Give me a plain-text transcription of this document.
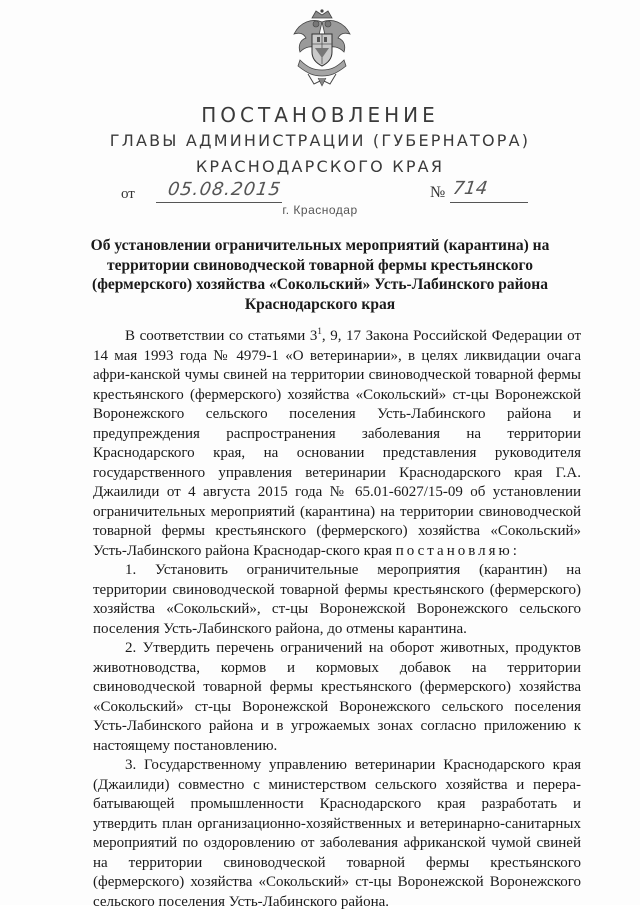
ПОСТАНОВЛЕНИЕ
ГЛАВЫ АДМИНИСТРАЦИИ (ГУБЕРНАТОРА)
КРАСНОДАРСКОГО КРАЯ
от 05.08.2015	№ 714
г. Краснодар
Об установлении ограничительных мероприятий (карантина) на территории свиноводческой товарной фермы крестьянского (фермерского) хозяйства «Сокольский» Усть-Лабинского района Краснодарского края

В соответствии со статьями $3^1$, 9, 17 Закона Российской Федерации от 14 мая 1993 года № 4979-1 «О ветеринарии», в целях ликвидации очага афри-канской чумы свиней на территории свиноводческой товарной фермы крестьянского (фермерского) хозяйства «Сокольский» ст-цы Воронежской Воронежского сельского поселения Усть-Лабинского района и предупреждения распространения заболевания на территории Краснодарского края, на основании представления руководителя государственного управления ветеринарии Краснодарского края Г.А. Джаилиди от 4 августа 2015 года № 65.01-6027/15-09 об установлении ограничительных мероприятий (карантина) на территории свиноводческой товарной фермы крестьянского (фермерского) хозяйства «Сокольский» Усть-Лабинского района Краснодар-ского края постановляю:

1. Установить ограничительные мероприятия (карантин) на территории свиноводческой товарной фермы крестьянского (фермерского) хозяйства «Сокольский», ст-цы Воронежской Воронежского сельского поселения Усть-Лабинского района, до отмены карантина.

2. Утвердить перечень ограничений на оборот животных, продуктов животноводства, кормов и кормовых добавок на территории свиноводческой товарной фермы крестьянского (фермерского) хозяйства «Сокольский» ст-цы Воронежской Воронежского сельского поселения Усть-Лабинского района и в угрожаемых зонах согласно приложению к настоящему постановлению.

3. Государственному управлению ветеринарии Краснодарского края (Джаилиди) совместно с министерством сельского хозяйства и перера-батывающей промышленности Краснодарского края разработать и утвердить план организационно-хозяйственных и ветеринарно-санитарных мероприятий по оздоровлению от заболевания африканской чумой свиней на территории свиноводческой товарной фермы крестьянского (фермерского) хозяйства «Сокольский» ст-цы Воронежской Воронежского сельского поселения Усть-Лабинского района.
